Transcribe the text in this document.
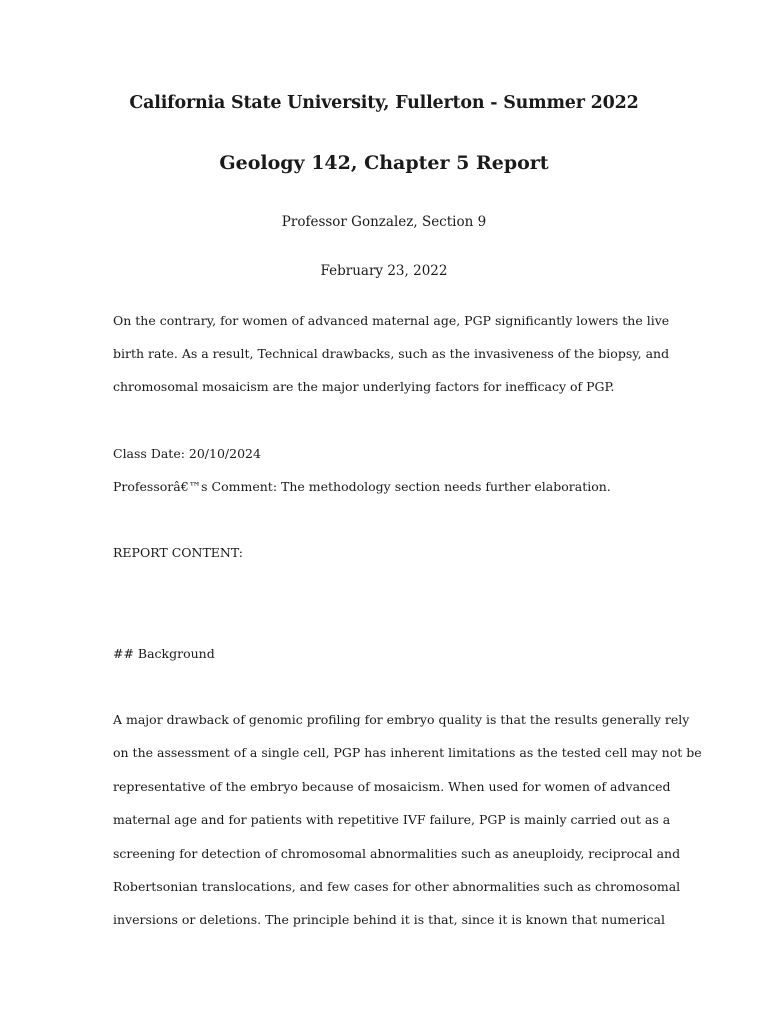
California State University, Fullerton - Summer 2022
Geology 142, Chapter 5 Report
Professor Gonzalez, Section 9
February 23, 2022
On the contrary, for women of advanced maternal age, PGP significantly lowers the live
birth rate. As a result, Technical drawbacks, such as the invasiveness of the biopsy, and
chromosomal mosaicism are the major underlying factors for inefficacy of PGP.
Class Date: 20/10/2024
Professorâ€™s Comment: The methodology section needs further elaboration.
REPORT CONTENT:
## Background
A major drawback of genomic profiling for embryo quality is that the results generally rely
on the assessment of a single cell, PGP has inherent limitations as the tested cell may not be
representative of the embryo because of mosaicism. When used for women of advanced
maternal age and for patients with repetitive IVF failure, PGP is mainly carried out as a
screening for detection of chromosomal abnormalities such as aneuploidy, reciprocal and
Robertsonian translocations, and few cases for other abnormalities such as chromosomal
inversions or deletions. The principle behind it is that, since it is known that numerical
